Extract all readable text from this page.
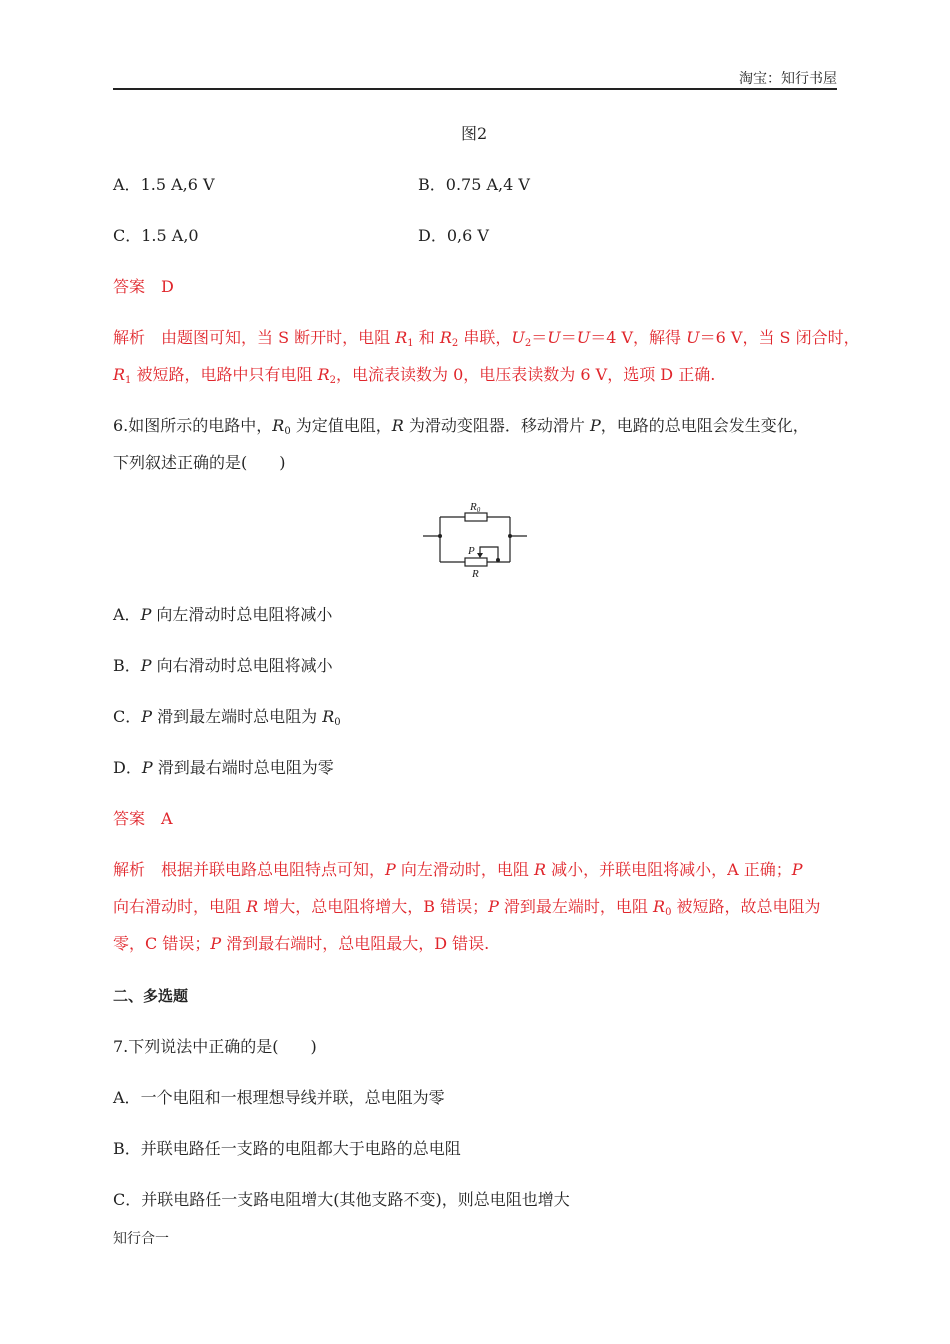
淘宝：知行书屋
图2
A．1.5 A,6 V	B．0.75 A,4 V
C．1.5 A,0	D．0,6 V
答案 D
解析 由题图可知，当 S 断开时，电阻 $R_1$ 和 $R_2$ 串联，$U_2=U=U=4$ V，解得 U＝6 V，当 S 闭合时，
$R_1$ 被短路，电路中只有电阻 $R_2$，电流表读数为 0，电压表读数为 6 V，选项 D 正确.
6.如图所示的电路中，$R_0$ 为定值电阻，R 为滑动变阻器．移动滑片 P，电路的总电阻会发生变化，
下列叙述正确的是(　　)
R0
P
R
A．P 向左滑动时总电阻将减小
B．P 向右滑动时总电阻将减小
C．P 滑到最左端时总电阻为 $R_0$
D．P 滑到最右端时总电阻为零
答案 A
解析 根据并联电路总电阻特点可知，P 向左滑动时，电阻 R 减小，并联电阻将减小，A 正确；P
向右滑动时，电阻 R 增大，总电阻将增大，B 错误；P 滑到最左端时，电阻 $R_0$ 被短路，故总电阻为
零，C 错误；P 滑到最右端时，总电阻最大，D 错误.
二、多选题
7.下列说法中正确的是(　　)
A．一个电阻和一根理想导线并联，总电阻为零
B．并联电路任一支路的电阻都大于电路的总电阻
C．并联电路任一支路电阻增大(其他支路不变)，则总电阻也增大
知行合一
